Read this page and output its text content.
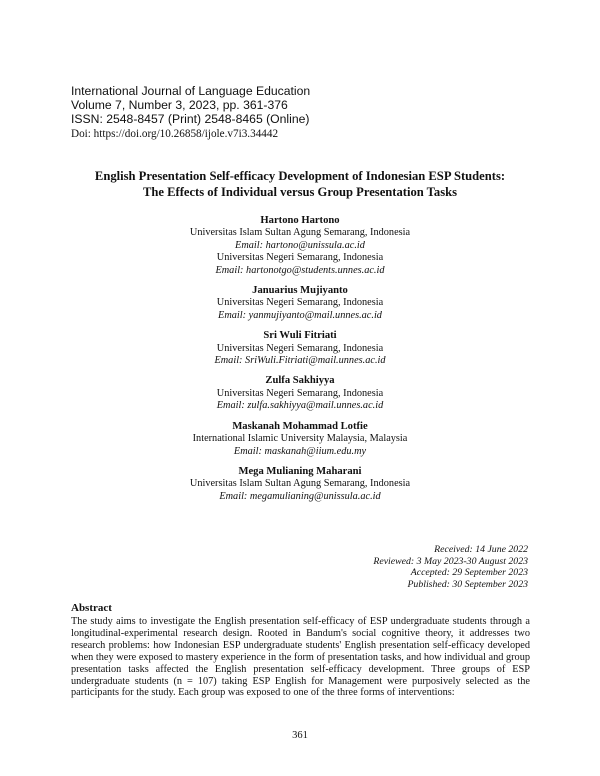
International Journal of Language Education
Volume 7, Number 3, 2023, pp. 361-376
ISSN: 2548-8457 (Print) 2548-8465 (Online)
Doi: https://doi.org/10.26858/ijole.v7i3.34442
English Presentation Self-efficacy Development of Indonesian ESP Students:
The Effects of Individual versus Group Presentation Tasks
Hartono Hartono
Universitas Islam Sultan Agung Semarang, Indonesia
Email: hartono@unissula.ac.id
Universitas Negeri Semarang, Indonesia
Email: hartonotgo@students.unnes.ac.id
Januarius Mujiyanto
Universitas Negeri Semarang, Indonesia
Email: yanmujiyanto@mail.unnes.ac.id
Sri Wuli Fitriati
Universitas Negeri Semarang, Indonesia
Email: SriWuli.Fitriati@mail.unnes.ac.id
Zulfa Sakhiyya
Universitas Negeri Semarang, Indonesia
Email: zulfa.sakhiyya@mail.unnes.ac.id
Maskanah Mohammad Lotfie
International Islamic University Malaysia, Malaysia
Email: maskanah@iium.edu.my
Mega Mulianing Maharani
Universitas Islam Sultan Agung Semarang, Indonesia
Email: megamulianing@unissula.ac.id
Received: 14 June 2022
Reviewed: 3 May 2023-30 August 2023
Accepted: 29 September 2023
Published: 30 September 2023
Abstract
The study aims to investigate the English presentation self-efficacy of ESP undergraduate students through a longitudinal-experimental research design. Rooted in Bandum's social cognitive theory, it addresses two research problems: how Indonesian ESP undergraduate students' English presentation self-efficacy developed when they were exposed to mastery experience in the form of presentation tasks, and how individual and group presentation tasks affected the English presentation self-efficacy development. Three groups of ESP undergraduate students (n = 107) taking ESP English for Management were purposively selected as the participants for the study. Each group was exposed to one of the three forms of interventions:
361
